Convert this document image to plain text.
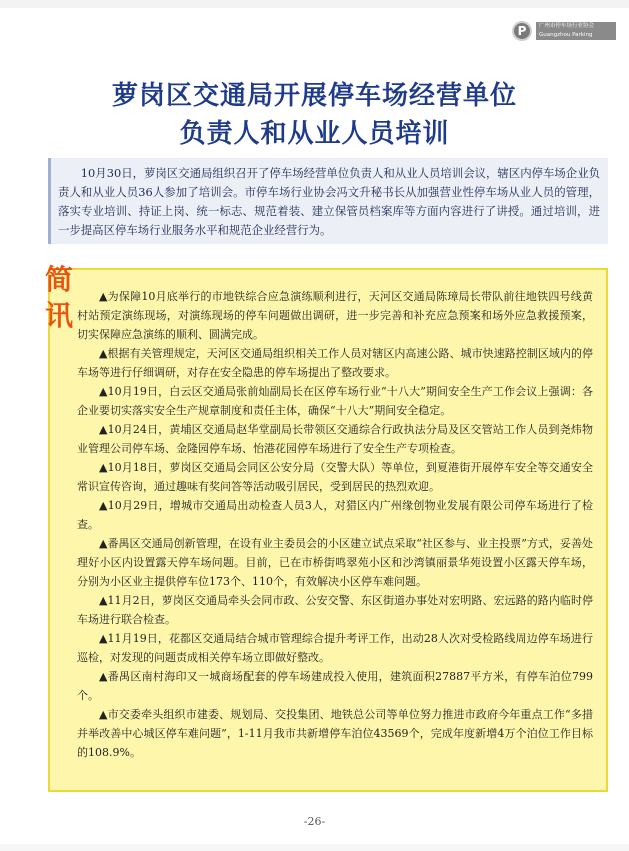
P	广州市停车场行业协会
Guangzhou Parking Association
萝岗区交通局开展停车场经营单位
负责人和从业人员培训
10月30日，萝岗区交通局组织召开了停车场经营单位负责人和从业人员培训会议，辖区内停车场企业负责人和从业人员36人参加了培训会。市停车场行业协会冯文升秘书长从加强营业性停车场从业人员的管理，落实专业培训、持证上岗、统一标志、规范着装、建立保管员档案库等方面内容进行了讲授。通过培训，进一步提高区停车场行业服务水平和规范企业经营行为。
简讯

▲为保障10月底举行的市地铁综合应急演练顺利进行，天河区交通局陈璋局长带队前往地铁四号线黄村站预定演练现场，对演练现场的停车问题做出调研，进一步完善和补充应急预案和场外应急救援预案，切实保障应急演练的顺利、圆满完成。

▲根据有关管理规定，天河区交通局组织相关工作人员对辖区内高速公路、城市快速路控制区域内的停车场等进行仔细调研，对存在安全隐患的停车场提出了整改要求。

▲10月19日，白云区交通局张前灿副局长在区停车场行业“十八大”期间安全生产工作会议上强调：各企业要切实落实安全生产规章制度和责任主体，确保“十八大”期间安全稳定。

▲10月24日，黄埔区交通局赵华堂副局长带领区交通综合行政执法分局及区交管站工作人员到尧炜物业管理公司停车场、金隆园停车场、怡港花园停车场进行了安全生产专项检查。

▲10月18日，萝岗区交通局会同区公安分局（交警大队）等单位，到夏港街开展停车安全等交通安全常识宣传咨询，通过趣味有奖问答等活动吸引居民，受到居民的热烈欢迎。

▲10月29日，增城市交通局出动检查人员3人，对猎区内广州缘创物业发展有限公司停车场进行了检查。

▲番禺区交通局创新管理，在设有业主委员会的小区建立试点采取“社区参与、业主投票”方式，妥善处理好小区内设置露天停车场问题。目前，已在市桥街鸣翠苑小区和沙湾镇丽景华苑设置小区露天停车场，分别为小区业主提供停车位173个、110个，有效解决小区停车难问题。

▲11月2日，萝岗区交通局牵头会同市政、公安交警、东区街道办事处对宏明路、宏远路的路内临时停车场进行联合检查。

▲11月19日，花都区交通局结合城市管理综合提升考评工作，出动28人次对受检路线周边停车场进行巡检，对发现的问题责成相关停车场立即做好整改。

▲番禺区南村海印又一城商场配套的停车场建成投入使用，建筑面积27887平方米，有停车泊位799个。

▲市交委牵头组织市建委、规划局、交投集团、地铁总公司等单位努力推进市政府今年重点工作“多措并举改善中心城区停车难问题”，1-11月我市共新增停车泊位43569个，完成年度新增4万个泊位工作目标的108.9%。

-26-
